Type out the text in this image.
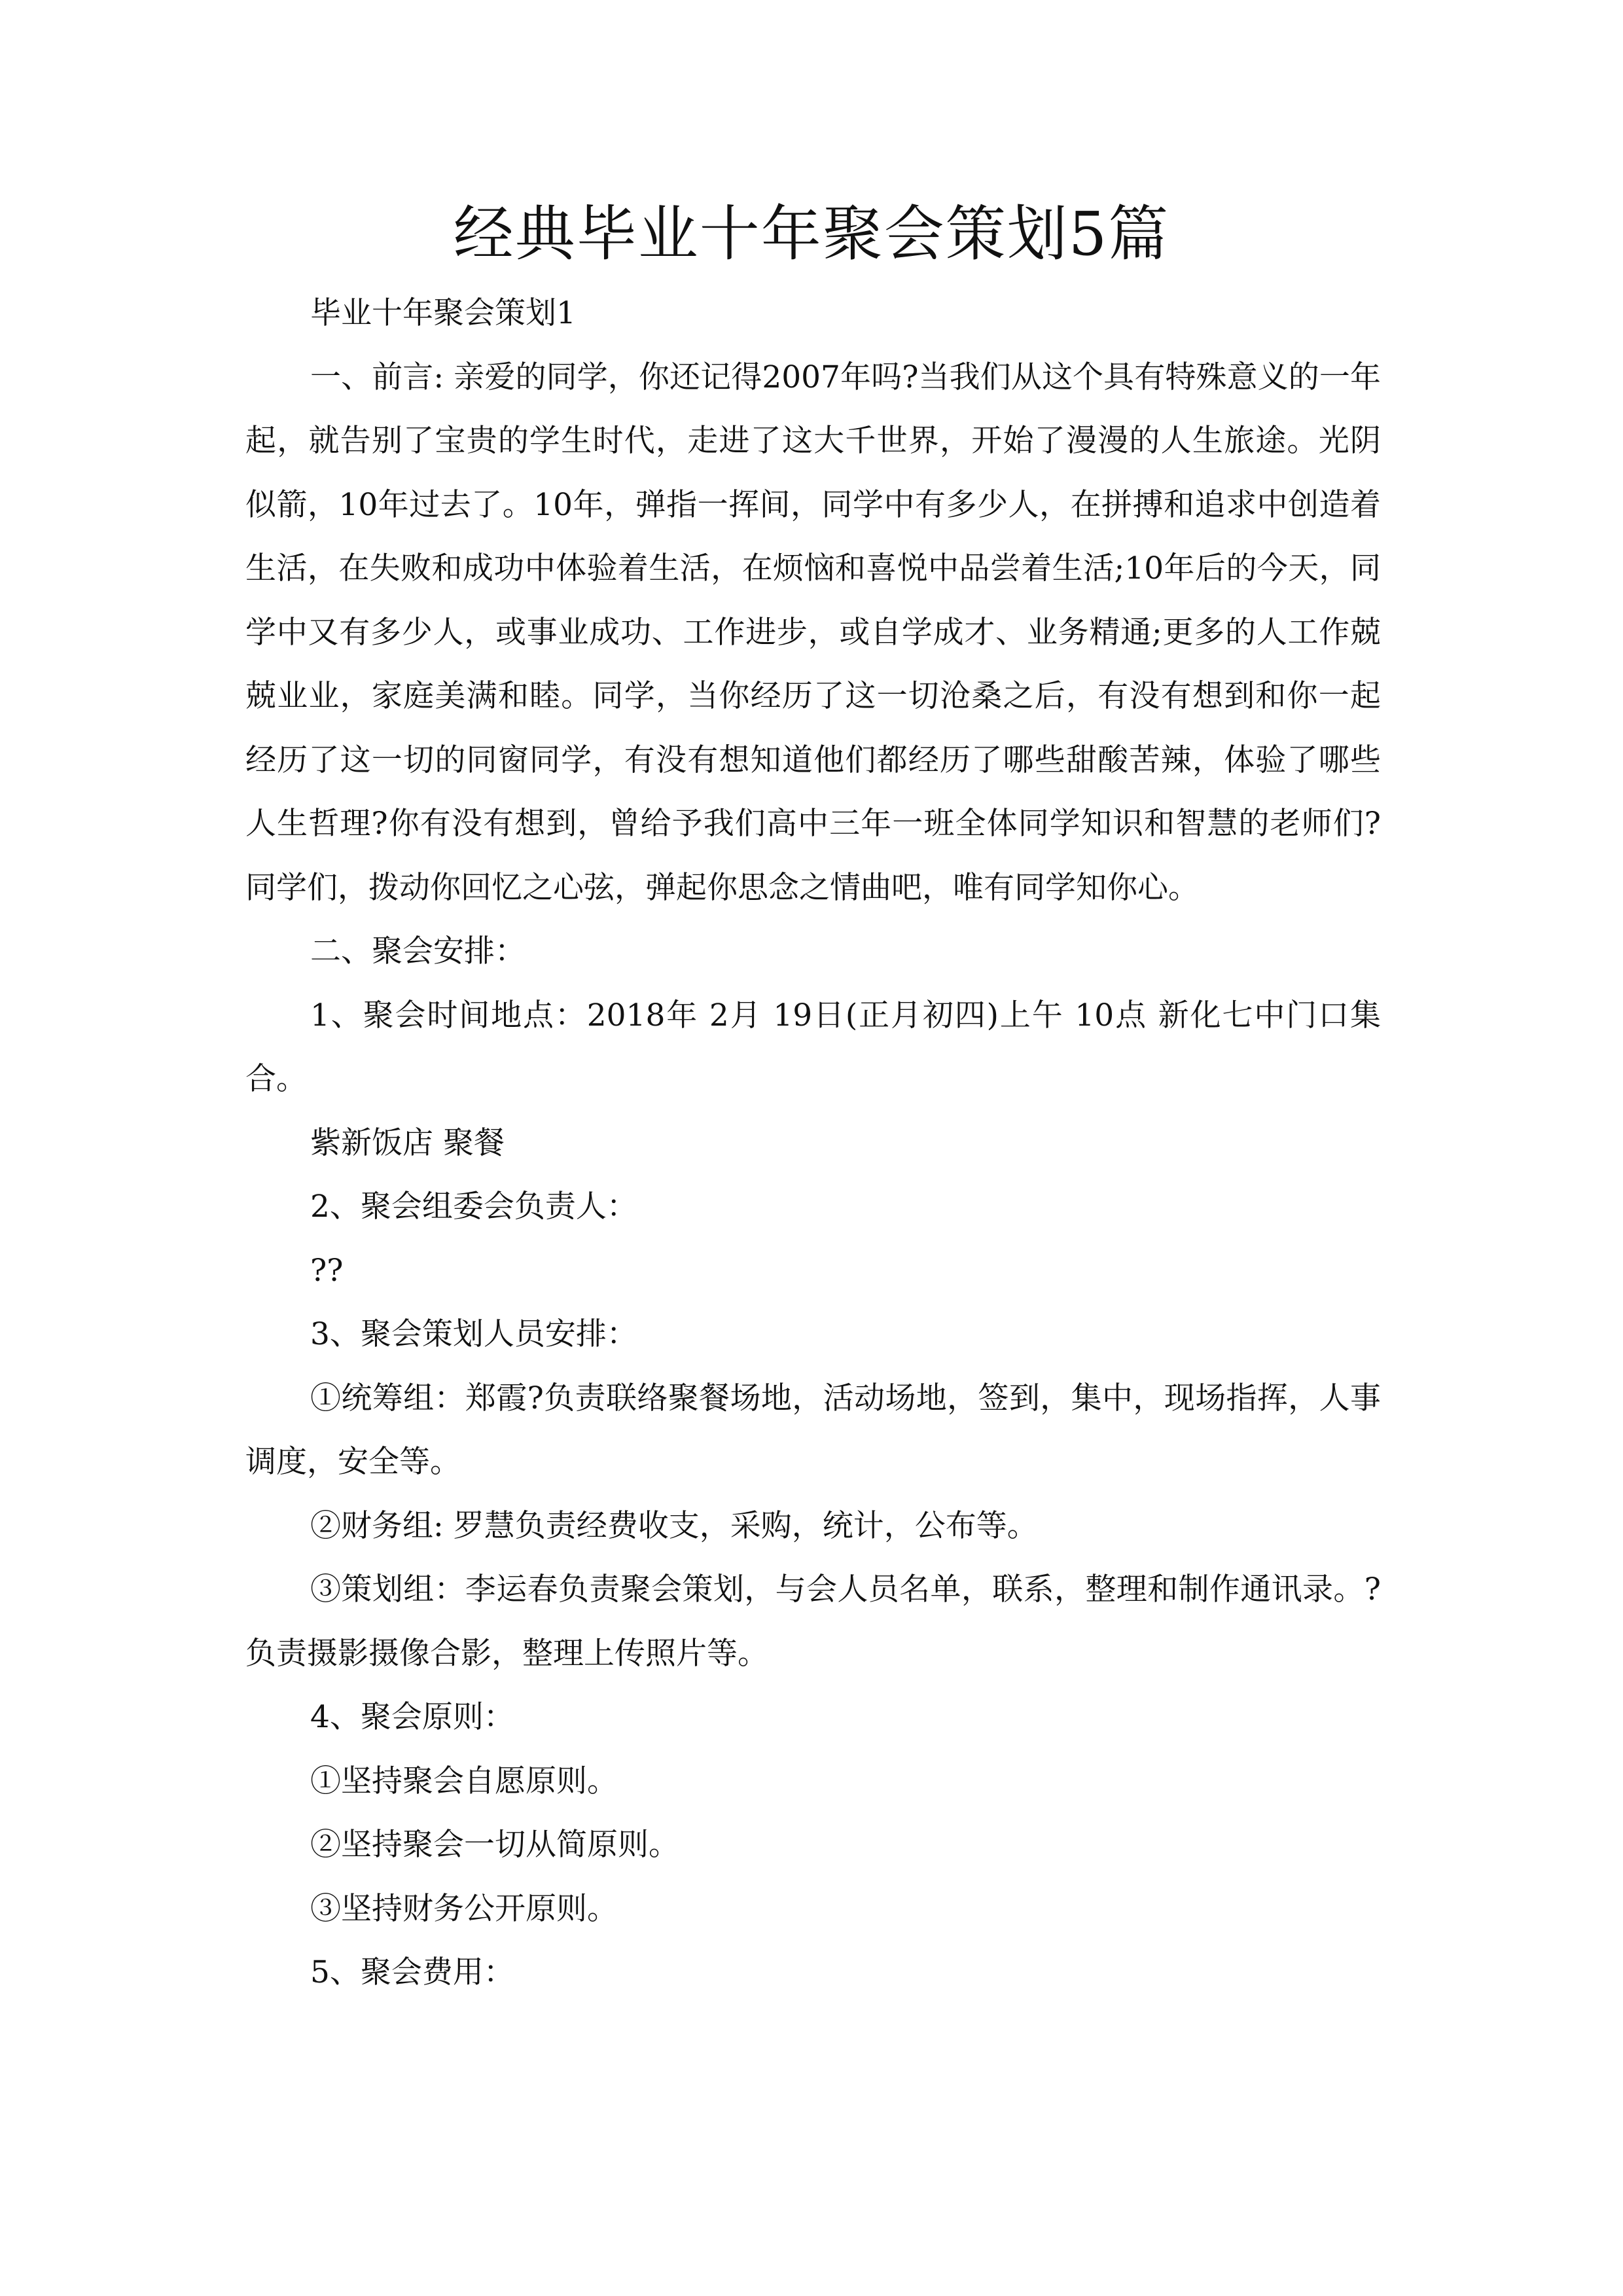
经典毕业十年聚会策划5篇

毕业十年聚会策划1

一、前言: 亲爱的同学，你还记得2007年吗?当我们从这个具有特殊意义的一年起，就告别了宝贵的学生时代，走进了这大千世界，开始了漫漫的人生旅途。光阴似箭，10年过去了。10年，弹指一挥间，同学中有多少人，在拼搏和追求中创造着生活，在失败和成功中体验着生活，在烦恼和喜悦中品尝着生活;10年后的今天，同学中又有多少人，或事业成功、工作进步，或自学成才、业务精通;更多的人工作兢兢业业，家庭美满和睦。同学，当你经历了这一切沧桑之后，有没有想到和你一起经历了这一切的同窗同学，有没有想知道他们都经历了哪些甜酸苦辣，体验了哪些人生哲理?你有没有想到，曾给予我们高中三年一班全体同学知识和智慧的老师们?同学们，拨动你回忆之心弦，弹起你思念之情曲吧，唯有同学知你心。

二、聚会安排：

1、聚会时间地点：2018年 2月 19日(正月初四)上午 10点 新化七中门口集合。

紫新饭店 聚餐

2、聚会组委会负责人：

??

3、聚会策划人员安排：

①统筹组：郑霞?负责联络聚餐场地，活动场地，签到，集中，现场指挥，人事调度，安全等。

②财务组: 罗慧负责经费收支，采购，统计，公布等。

③策划组：李运春负责聚会策划，与会人员名单，联系，整理和制作通讯录。?负责摄影摄像合影，整理上传照片等。

4、聚会原则：

①坚持聚会自愿原则。

②坚持聚会一切从简原则。

③坚持财务公开原则。

5、聚会费用：
